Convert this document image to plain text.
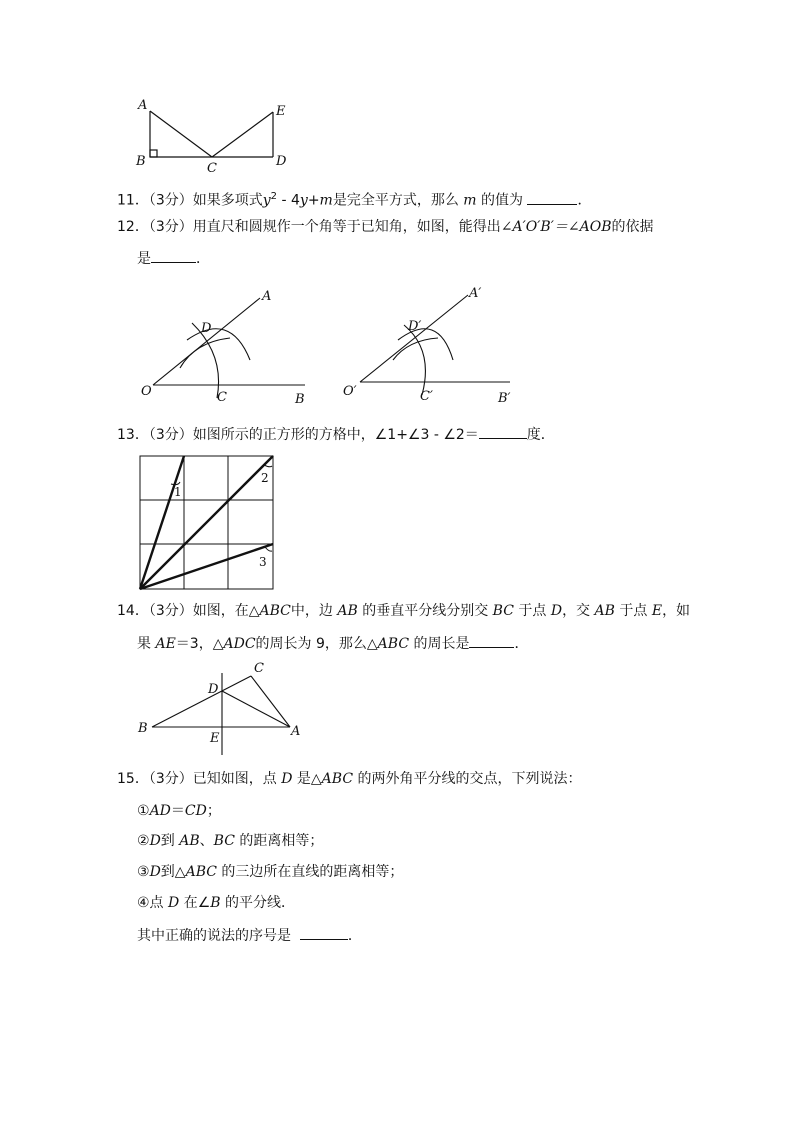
A
B	C	D
E
11．（3分）如果多项式$y^2 - 4y+m$是完全平方式，那么 m 的值为	．
12．（3分）用直尺和圆规作一个角等于已知角，如图，能得出∠A′O′B′＝∠AOB的依据
是	．
O
A
B
C
D
O′
A′
B′
C′
D′
13．（3分）如图所示的正方形的方格中，∠1+∠3 - ∠2＝	度．
1
2
3
14．（3分）如图，在△ABC中，边 AB 的垂直平分线分别交 BC 于点 D，交 AB 于点 E，如
果 AE＝3，△ADC的周长为 9，那么△ABC 的周长是	．
B	A
C
D
E
15．（3分）已知如图，点 D 是△ABC 的两外角平分线的交点，下列说法：
①AD＝CD；
②D到 AB、BC 的距离相等；
③D到△ABC 的三边所在直线的距离相等；
④点 D 在∠B 的平分线．
其中正确的说法的序号是	．
